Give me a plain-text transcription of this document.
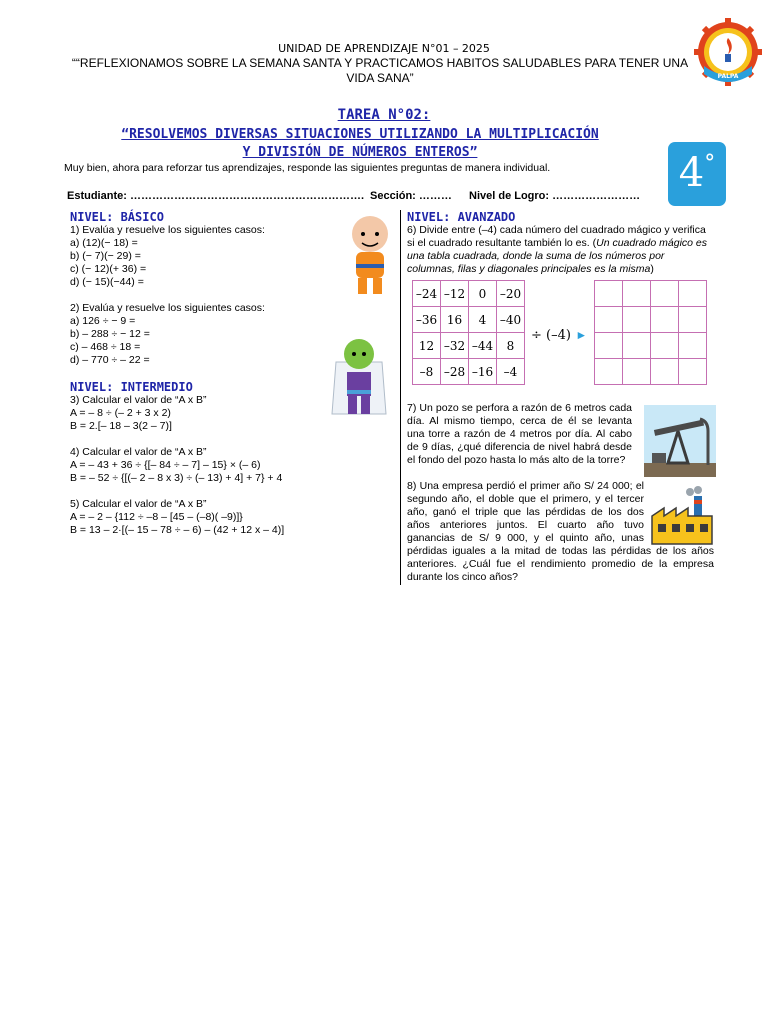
UNIDAD DE APRENDIZAJE N°01 – 2025
““REFLEXIONAMOS SOBRE LA SEMANA SANTA Y PRACTICAMOS HABITOS SALUDABLES PARA TENER UNA VIDA SANA”	PALPA
TAREA N°02:
“RESOLVEMOS DIVERSAS SITUACIONES UTILIZANDO LA MULTIPLICACIÓN
Y DIVISIÓN DE NÚMEROS ENTEROS”	4°
Muy bien, ahora para reforzar tus aprendizajes, responde las siguientes preguntas de manera individual.
Estudiante: ………………………………………………………. Sección: ……… Nivel de Logro: ……………………
NIVEL: BÁSICO
1) Evalúa y resuelve los siguientes casos:
a) (12)(− 18) =
b) (− 7)(− 29) =
c) (− 12)(+ 36) =
d) (− 15)(−44) =
2) Evalúa y resuelve los siguientes casos:
a) 126 ÷ − 9 =
b) – 288 ÷ − 12 =
c) – 468 ÷ 18 =
d) – 770 ÷ – 22 =
NIVEL: INTERMEDIO
3) Calcular el valor de “A x B”
A = – 8 ÷ (– 2 + 3 x 2)
B = 2.[– 18 – 3(2 – 7)]
4) Calcular el valor de “A x B”
A = – 43 + 36 ÷ {[– 84 ÷ – 7] – 15} × (– 6)
B = – 52 ÷ {[(– 2 – 8 x 3) ÷ (– 13) + 4] + 7} + 4
5) Calcular el valor de “A x B”
A = – 2 – {112 ÷ –8 – [45 – (–8)( –9)]}
B = 13 – 2·[(– 15 – 78 ÷ – 6) – (42 + 12 x – 4)]
NIVEL: AVANZADO
6) Divide entre (–4) cada número del cuadrado mágico y verifica si el cuadrado resultante también lo es. (Un cuadrado mágico es una tabla cuadrada, donde la suma de los números por columnas, filas y diagonales principales es la misma)
–24	–12	0	–20
–36	16	4	–40
12	–32	–44	8
–8	–28	–16	–4
÷ (–4) ►

7) Un pozo se perfora a razón de 6 metros cada día. Al mismo tiempo, cerca de él se levanta una torre a razón de 4 metros por día. Al cabo de 9 días, ¿qué diferencia de nivel habrá desde el fondo del pozo hasta lo más alto de la torre?
8) Una empresa perdió el primer año S/ 24 000; el segundo año, el doble que el primero, y el tercer año, ganó el triple que las pérdidas de los dos años anteriores juntos. El cuarto año tuvo ganancias de S/ 9 000, y el quinto año, unas pérdidas iguales a la mitad de todas las pérdidas de los años anteriores. ¿Cuál fue el rendimiento promedio de la empresa durante los cinco años?
